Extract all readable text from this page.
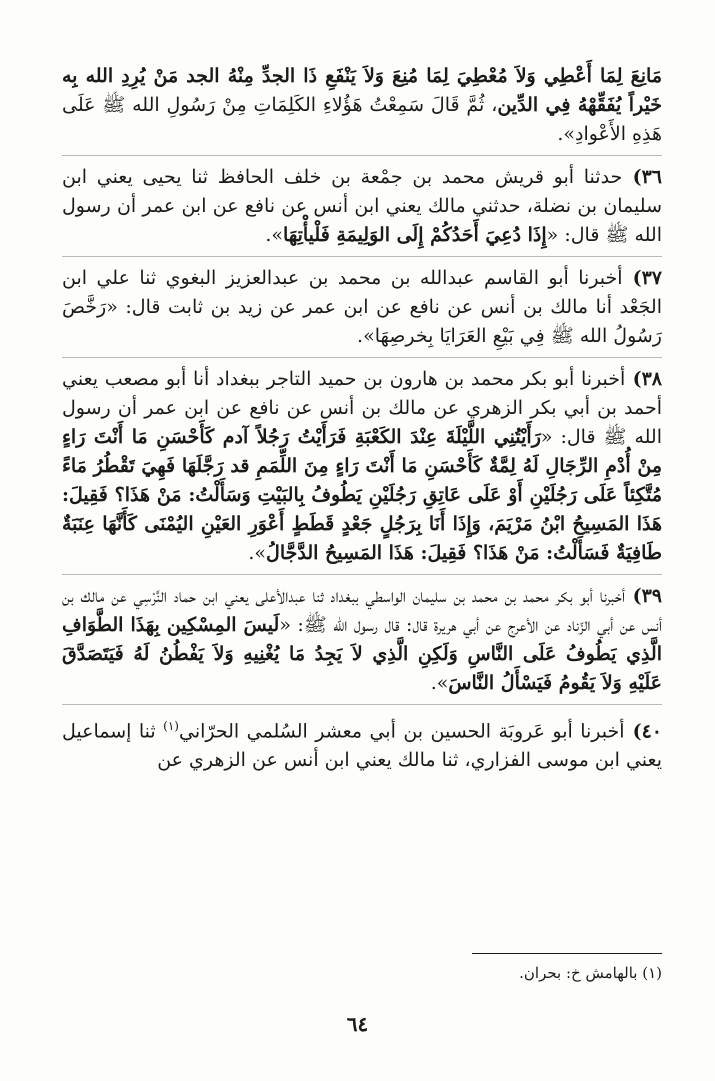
مَانِعَ لِمَا أَعْطِي وَلاَ مُعْطِيَ لِمَا مُنِعَ وَلاَ يَنْفَعِ ذَا الجدِّ مِنْهُ الجد مَنْ يُرِدِ الله بِه خَيْراً يُفَقِّهْهُ فِي الدِّين، ثُمَّ قَالَ سَمِعْتُ هَؤُلاءِ الكَلِمَاتِ مِنْ رَسُولِ الله ﷺ عَلَى هَذِهِ الأَعْوادِ».

٣٦) حدثنا أبو قريش محمد بن جمْعة بن خلف الحافظ ثنا يحيى يعني ابن سليمان بن نضلة، حدثني مالك يعني ابن أنس عن نافع عن ابن عمر أن رسول الله ﷺ قال: «إِذَا دُعِيَ أَحَدُكُمْ إِلَى الوَلِيمَةِ فَلْيأْتِهَا».

٣٧) أخبرنا أبو القاسم عبدالله بن محمد بن عبدالعزيز البغوي ثنا علي ابن الجَعْد أنا مالك بن أنس عن نافع عن ابن عمر عن زيد بن ثابت قال: «رَخَّصَ رَسُولُ الله ﷺ فِي بَيْعِ العَرَايَا بِخرصِهَا».

٣٨) أخبرنا أبو بكر محمد بن هارون بن حميد التاجر ببغداد أنا أبو مصعب يعني أحمد بن أبي بكر الزهري عن مالك بن أنس عن نافع عن ابن عمر أن رسول الله ﷺ قال: «رَأَيْتُنِي اللَّيْلَةَ عِنْدَ الكَعْبَةِ فَرَأَيْتُ رَجُلاً آدم كَأَحْسَنِ مَا أَنْتَ رَاءٍ مِنْ أُدْمِ الرِّجَالِ لَهُ لِمَّةٌ كَأَحْسَنِ مَا أَنْتَ رَاءٍ مِنَ اللِّمَمِ قد رَجَّلَهَا فَهِيَ تَقْطُرُ مَاءً مُتَّكِئاً عَلَى رَجُلَيْنِ أَوْ عَلَى عَاتِقِ رَجُلَيْنِ يَطُوفُ بِالبَيْتِ وَسَأَلْتُ: مَنْ هَذَا؟ فَقِيلَ: هَذَا المَسِيحُ ابْنُ مَرْيَمَ، وَإِذَا أَنَا بِرَجُلٍ جَعْدٍ قَطَطٍ أَعْوَرِ العَيْنِ اليُمْنَى كَأَنَّهَا عِنَبَةٌ طَافِيَةٌ فَسَأَلْتُ: مَنْ هَذَا؟ فَقِيلَ: هَذَا المَسِيحُ الدَّجَّالُ».

٣٩) أخبرنا أبو بكر محمد بن محمد بن سليمان الواسطي ببغداد ثنا عبدالأعلى يعني ابن حماد النَّرْسِي عن مالك بن أنس عن أبي الزّناد عن الأعرج عن أبي هريرة قال: قال رسول الله ﷺ: «لَيسَ المِسْكِين بِهَذَا الطَّوَافِ الَّذِي يَطُوفُ عَلَى النَّاسِ وَلَكِنِ الَّذِي لاَ يَجِدُ مَا يُغْنِيهِ وَلاَ يَفْطُنُ لَهُ فَيَتَصَدَّقَ عَلَيْهِ وَلاَ يَقُومُ فَيَسْأَلُ النَّاسَ».

٤٠) أخبرنا أبو عَروبَة الحسين بن أبي معشر السُلمي الحرّاني$^{(١)}$ ثنا إسماعيل يعني ابن موسى الفزاري، ثنا مالك يعني ابن أنس عن الزهري عن

(١) بالهامش خ: بحران.
٦٤
